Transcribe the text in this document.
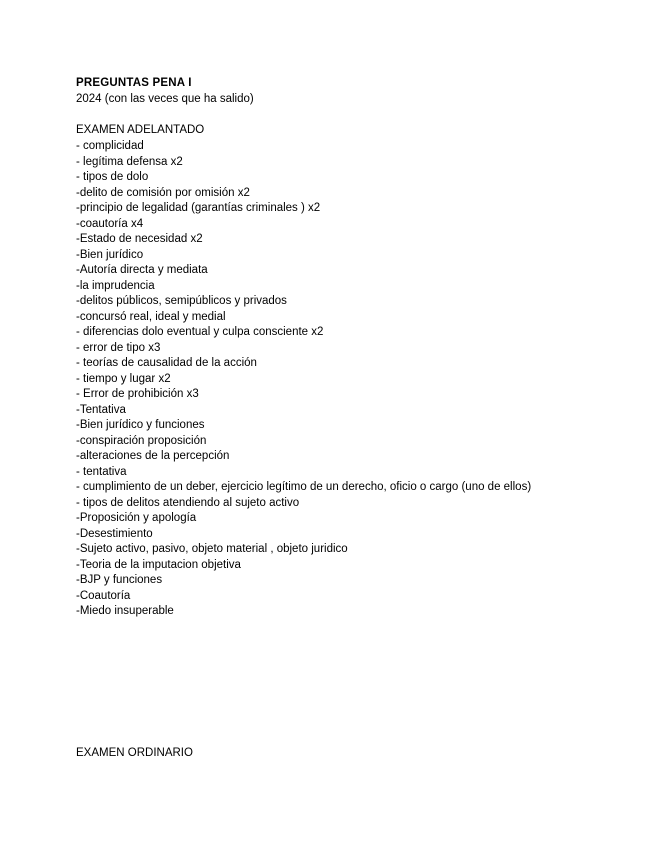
PREGUNTAS PENA I
2024 (con las veces que ha salido)
EXAMEN ADELANTADO
- complicidad
- legítima defensa x2
- tipos de dolo
-delito de comisión por omisión x2
-principio de legalidad (garantías criminales ) x2
-coautoría x4
-Estado de necesidad x2
-Bien jurídico
-Autoría directa y mediata
-la imprudencia
-delitos públicos, semipúblicos y privados
-concursó real, ideal y medial
- diferencias dolo eventual y culpa consciente x2
- error de tipo x3
- teorías de causalidad de la acción
- tiempo y lugar x2
- Error de prohibición x3
-Tentativa
-Bien jurídico y funciones
-conspiración proposición
-alteraciones de la percepción
- tentativa
- cumplimiento de un deber, ejercicio legítimo de un derecho, oficio o cargo (uno de ellos)
- tipos de delitos atendiendo al sujeto activo
-Proposición y apología
-Desestimiento
-Sujeto activo, pasivo, objeto material , objeto juridico
-Teoria de la imputacion objetiva
-BJP y funciones
-Coautoría
-Miedo insuperable
EXAMEN ORDINARIO
